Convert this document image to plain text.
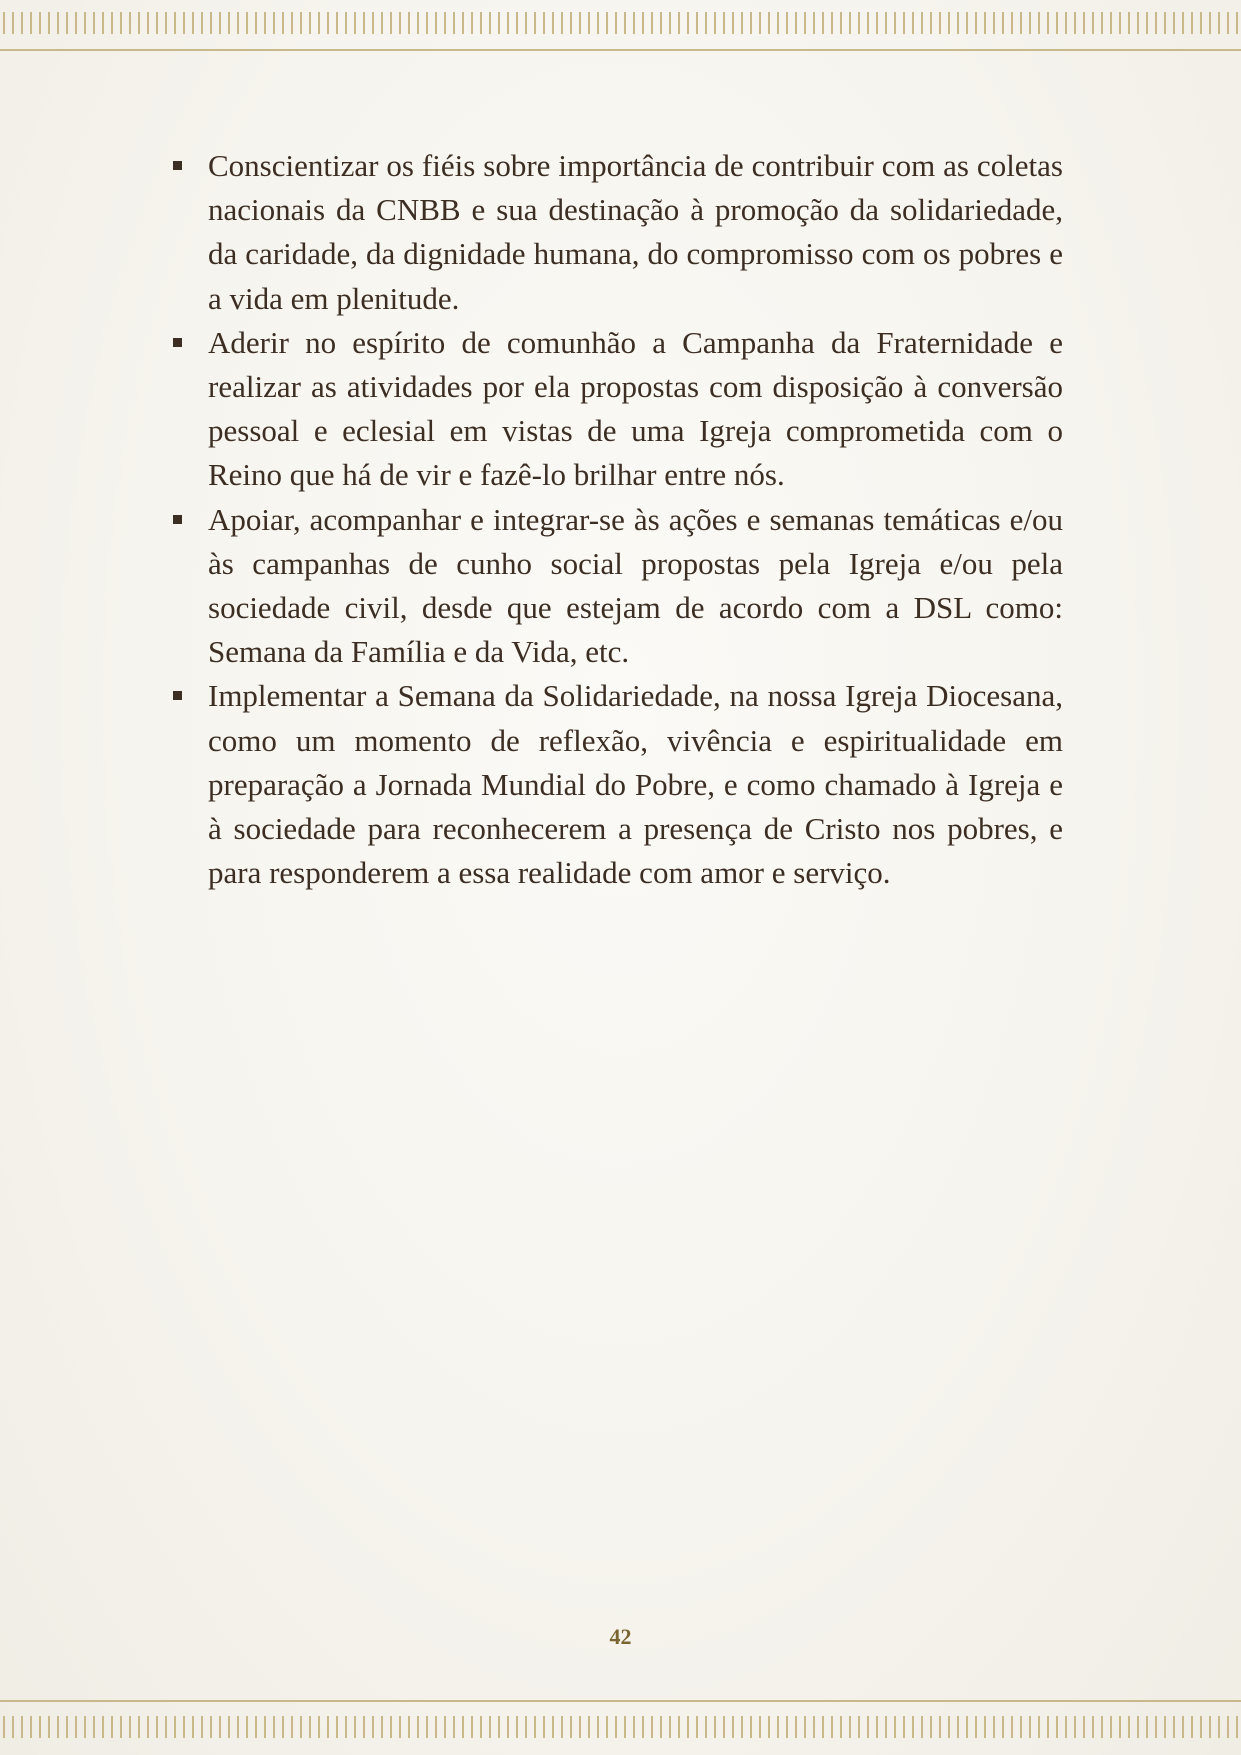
Conscientizar os fiéis sobre importância de contribuir com as coletas nacionais da CNBB e sua destinação à promoção da solidariedade, da caridade, da dignidade humana, do compromisso com os pobres e a vida em plenitude.
Aderir no espírito de comunhão a Campanha da Fraternidade e realizar as atividades por ela propostas com disposição à conversão pessoal e eclesial em vistas de uma Igreja comprometida com o Reino que há de vir e fazê-lo brilhar entre nós.
Apoiar, acompanhar e integrar-se às ações e semanas temáticas e/ou às campanhas de cunho social propostas pela Igreja e/ou pela sociedade civil, desde que estejam de acordo com a DSL como: Semana da Família e da Vida, etc.
Implementar a Semana da Solidariedade, na nossa Igreja Diocesana, como um momento de reflexão, vivência e espiritualidade em preparação a Jornada Mundial do Pobre, e como chamado à Igreja e à sociedade para reconhecerem a presença de Cristo nos pobres, e para responderem a essa realidade com amor e serviço.
42
